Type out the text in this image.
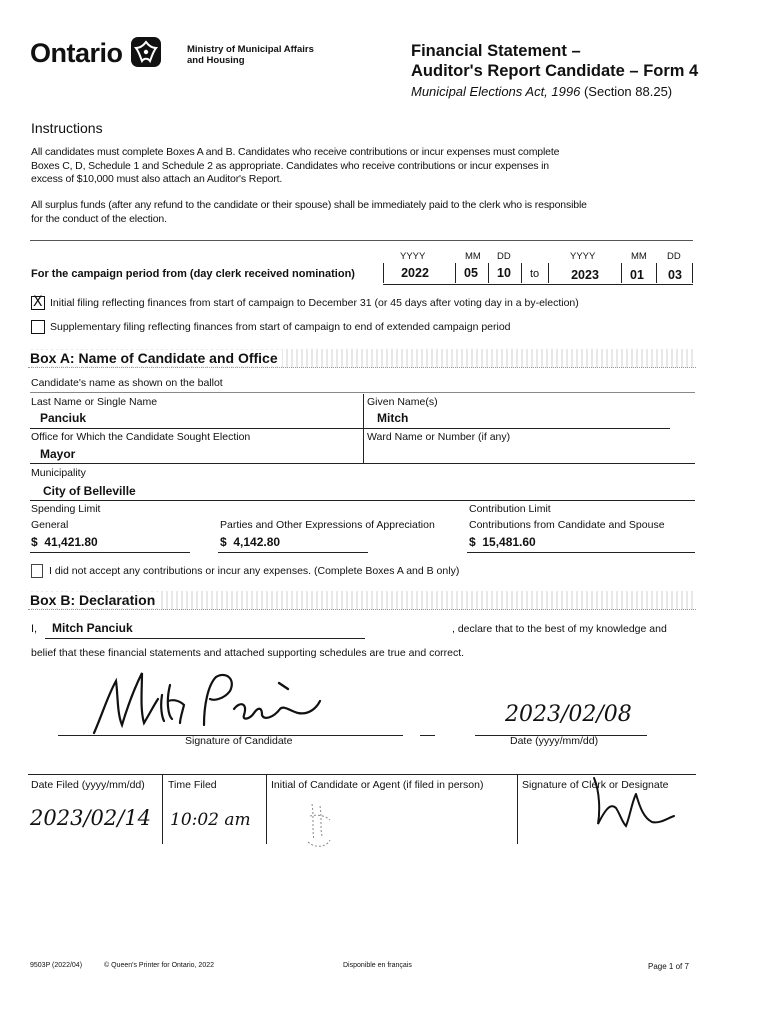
Ontario	Ministry of Municipal Affairs
and Housing
Financial Statement –
Auditor's Report Candidate – Form 4
Municipal Elections Act, 1996 (Section 88.25)
Instructions
All candidates must complete Boxes A and B. Candidates who receive contributions or incur expenses must complete
Boxes C, D, Schedule 1 and Schedule 2 as appropriate. Candidates who receive contributions or incur expenses in
excess of $10,000 must also attach an Auditor's Report.
All surplus funds (after any refund to the candidate or their spouse) shall be immediately paid to the clerk who is responsible
for the conduct of the election.
YYYY	MM DD	YYYY	MM DD
For the campaign period from (day clerk received nomination)	2022	05	10	to	2023	01	03
X Initial filing reflecting finances from start of campaign to December 31 (or 45 days after voting day in a by-election)
Supplementary filing reflecting finances from start of campaign to end of extended campaign period
Box A: Name of Candidate and Office
Candidate's name as shown on the ballot
Last Name or Single Name
Panciuk
Given Name(s)
Mitch
Office for Which the Candidate Sought Election
Mayor
Ward Name or Number (if any)
Municipality
City of Belleville
Spending Limit	Contribution Limit
General	Parties and Other Expressions of Appreciation	Contributions from Candidate and Spouse
$  41,421.80	$  4,142.80	$  15,481.60
I did not accept any contributions or incur any expenses. (Complete Boxes A and B only)
Box B: Declaration
I, Mitch Panciuk	, declare that to the best of my knowledge and
belief that these financial statements and attached supporting schedules are true and correct.
Signature of Candidate
2023/02/08
Date (yyyy/mm/dd)
Date Filed (yyyy/mm/dd) Time Filed	Initial of Candidate or Agent (if filed in person)	Signature of Clerk or Designate
2023/02/14 10:02 am
9503P (2022/04)	© Queen's Printer for Ontario, 2022	Disponible en français	Page 1 of 7
